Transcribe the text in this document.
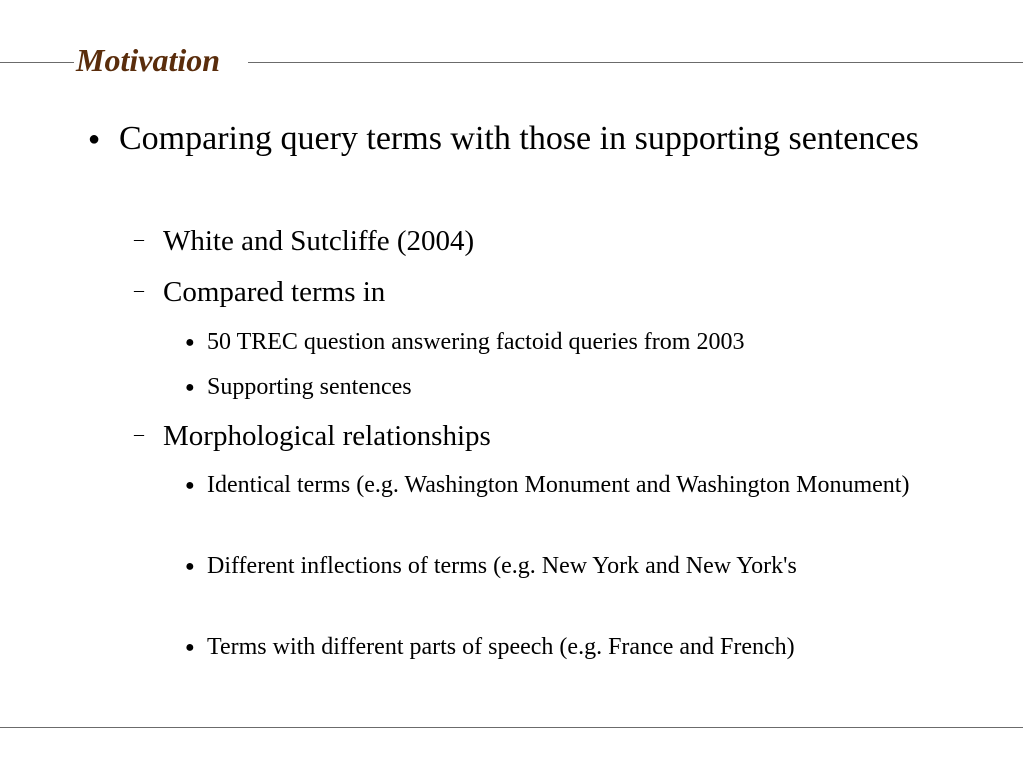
Motivation
● Comparing query terms with those in supporting sentences
– White and Sutcliffe (2004)
– Compared terms in
● 50 TREC question answering factoid queries from 2003
● Supporting sentences
– Morphological relationships
● Identical terms (e.g. Washington Monument and Washington Monument)
● Different inflections of terms (e.g. New York and New York's
● Terms with different parts of speech (e.g. France and French)
